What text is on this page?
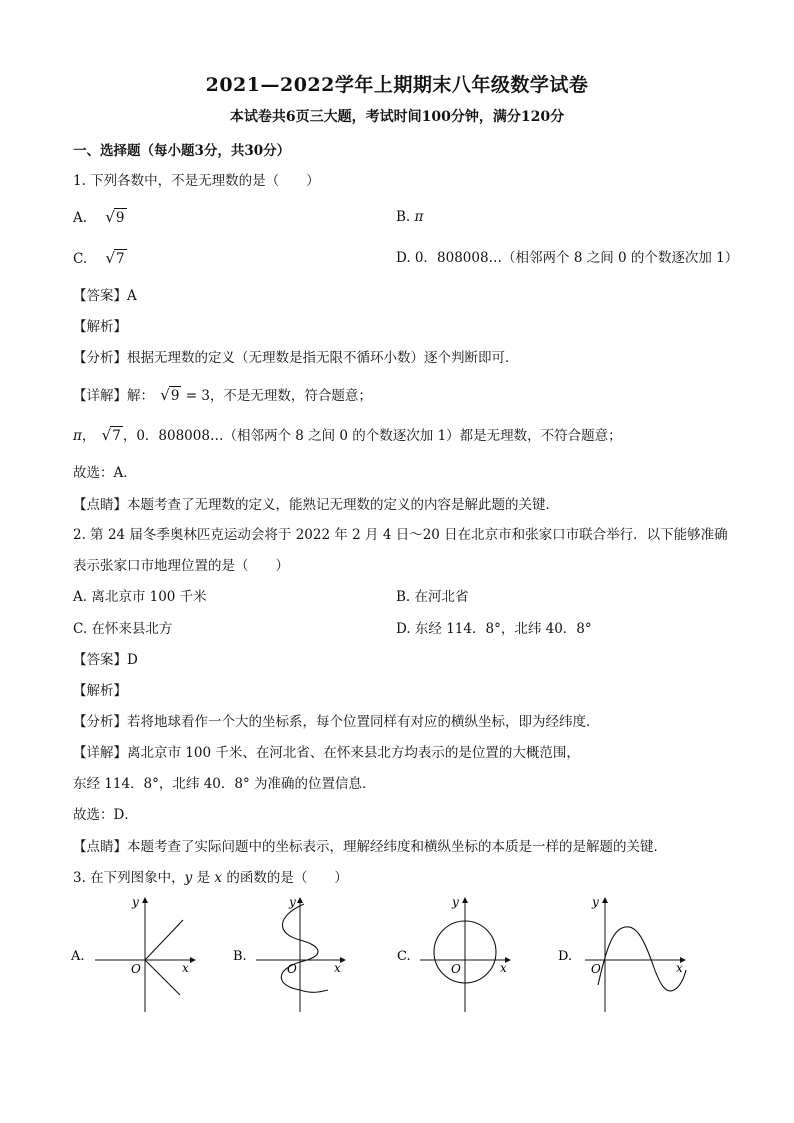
2021—2022学年上期期末八年级数学试卷
本试卷共6页三大题，考试时间100分钟，满分120分
一、选择题（每小题3分，共30分）
1. 下列各数中，不是无理数的是（　　）
A. √9	B. π
C. √7	D. 0．808008…（相邻两个 8 之间 0 的个数逐次加 1）
【答案】A
【解析】
【分析】根据无理数的定义（无理数是指无限不循环小数）逐个判断即可．
【详解】解： √9 = 3，不是无理数，符合题意；
π， √7 ，0．808008…（相邻两个 8 之间 0 的个数逐次加 1）都是无理数，不符合题意；
故选：A．
【点睛】本题考查了无理数的定义，能熟记无理数的定义的内容是解此题的关键．
2. 第 24 届冬季奥林匹克运动会将于 2022 年 2 月 4 日～20 日在北京市和张家口市联合举行．以下能够准确
表示张家口市地理位置的是（　　）
A. 离北京市 100 千米	B. 在河北省
C. 在怀来县北方	D. 东经 114．8°，北纬 40．8°
【答案】D
【解析】
【分析】若将地球看作一个大的坐标系，每个位置同样有对应的横纵坐标，即为经纬度．
【详解】离北京市 100 千米、在河北省、在怀来县北方均表示的是位置的大概范围，
东经 114．8°，北纬 40．8° 为准确的位置信息．
故选：D．
【点睛】本题考查了实际问题中的坐标表示，理解经纬度和横纵坐标的本质是一样的是解题的关键．
3. 在下列图象中，y 是 x 的函数的是（　　）
A.
y
x
O
B.
y
x
O
C.
y
x
O
D.
y
x
O
